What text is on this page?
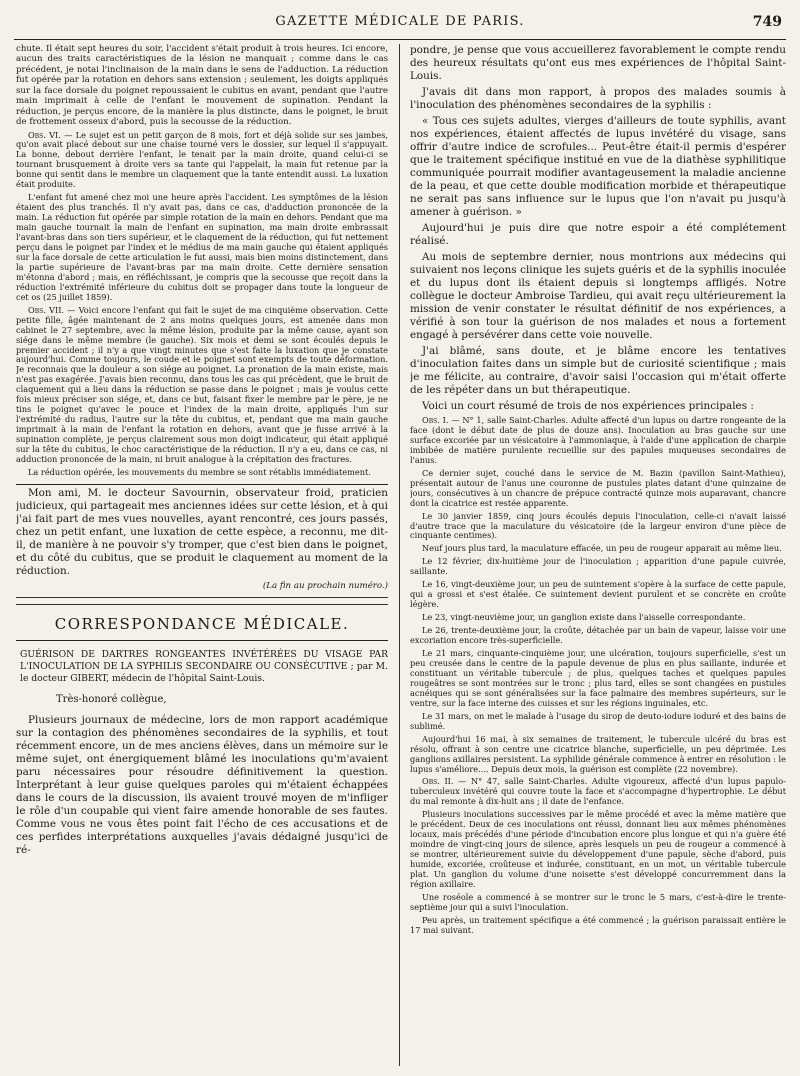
GAZETTE MÉDICALE DE PARIS.	749

chute. Il était sept heures du soir, l'accident s'était produit à trois heures. Ici encore, aucun des traits caractéristiques de la lésion ne manquait ; comme dans le cas précédent, je notai l'inclinaison de la main dans le sens de l'adduction. La réduction fut opérée par la rotation en dehors sans extension ; seulement, les doigts appliqués sur la face dorsale du poignet repoussaient le cubitus en avant, pendant que l'autre main imprimait à celle de l'enfant le mouvement de supination. Pendant la réduction, je perçus encore, de la manière la plus distincte, dans le poignet, le bruit de frottement osseux d'abord, puis la secousse de la réduction.

Obs. VI. — Le sujet est un petit garçon de 8 mois, fort et déjà solide sur ses jambes, qu'on avait placé debout sur une chaise tourné vers le dossier, sur lequel il s'appuyait. La bonne, debout derrière l'enfant, le tenait par la main droite, quand celui-ci se tournant brusquement à droite vers sa tante qui l'appelait, la main fut retenue par la bonne qui sentit dans le membre un claquement que la tante entendit aussi. La luxation était produite.

L'enfant fut amené chez moi une heure après l'accident. Les symptômes de la lésion étaient des plus tranchés. Il n'y avait pas, dans ce cas, d'adduction prononcée de la main. La réduction fut opérée par simple rotation de la main en dehors. Pendant que ma main gauche tournait la main de l'enfant en supination, ma main droite embrassait l'avant-bras dans son tiers supérieur, et le claquement de la réduction, qui fut nettement perçu dans le poignet par l'index et le médius de ma main gauche qui étaient appliqués sur la face dorsale de cette articulation le fut aussi, mais bien moins distinctement, dans la partie supérieure de l'avant-bras par ma main droite. Cette dernière sensation m'étonna d'abord ; mais, en réfléchissant, je compris que la secousse que reçoit dans la réduction l'extrémité inférieure du cubitus doit se propager dans toute la longueur de cet os (25 juillet 1859).

Obs. VII. — Voici encore l'enfant qui fait le sujet de ma cinquième observation. Cette petite fille, âgée maintenant de 2 ans moins quelques jours, est amenée dans mon cabinet le 27 septembre, avec la même lésion, produite par la même cause, ayant son siége dans le même membre (le gauche). Six mois et demi se sont écoulés depuis le premier accident ; il n'y a que vingt minutes que s'est faite la luxation que je constate aujourd'hui. Comme toujours, le coude et le poignet sont exempts de toute déformation. Je reconnais que la douleur a son siége au poignet. La pronation de la main existe, mais n'est pas exagérée. J'avais bien reconnu, dans tous les cas qui précèdent, que le bruit de claquement qui a lieu dans la réduction se passe dans le poignet ; mais je voulus cette fois mieux préciser son siége, et, dans ce but, faisant fixer le membre par le père, je ne tins le poignet qu'avec le pouce et l'index de la main droite, appliqués l'un sur l'extrémité du radius, l'autre sur la tête du cubitus, et, pendant que ma main gauche imprimait à la main de l'enfant la rotation en dehors, avant que je fusse arrivé à la supination complète, je perçus clairement sous mon doigt indicateur, qui était appliqué sur la tête du cubitus, le choc caractéristique de la réduction. Il n'y a eu, dans ce cas, ni adduction prononcée de la main, ni bruit analogue à la crépitation des fractures.

La réduction opérée, les mouvements du membre se sont rétablis immédiatement.

Mon ami, M. le docteur Savournin, observateur froid, praticien judicieux, qui partageait mes anciennes idées sur cette lésion, et à qui j'ai fait part de mes vues nouvelles, ayant rencontré, ces jours passés, chez un petit enfant, une luxation de cette espèce, a reconnu, me dit-il, de manière à ne pouvoir s'y tromper, que c'est bien dans le poignet, et du côté du cubitus, que se produit le claquement au moment de la réduction.

(La fin au prochain numéro.)

CORRESPONDANCE MÉDICALE.

GUÉRISON DE DARTRES RONGEANTES INVÉTÉRÉES DU VISAGE PAR L'INOCULATION DE LA SYPHILIS SECONDAIRE OU CONSÉCUTIVE ; par M. le docteur GIBERT, médecin de l'hôpital Saint-Louis.

Très-honoré collègue,

Plusieurs journaux de médecine, lors de mon rapport académique sur la contagion des phénomènes secondaires de la syphilis, et tout récemment encore, un de mes anciens élèves, dans un mémoire sur le même sujet, ont énergiquement blâmé les inoculations qu'm'avaient paru nécessaires pour résoudre définitivement la question. Interprétant à leur guise quelques paroles qui m'étaient échappées dans le cours de la discussion, ils avaient trouvé moyen de m'infliger le rôle d'un coupable qui vient faire amende honorable de ses fautes. Comme vous ne vous êtes point fait l'écho de ces accusations et de ces perfides interprétations auxquelles j'avais dédaigné jusqu'ici de ré-

pondre, je pense que vous accueillerez favorablement le compte rendu des heureux résultats qu'ont eus mes expériences de l'hôpital Saint-Louis.

J'avais dit dans mon rapport, à propos des malades soumis à l'inoculation des phénomènes secondaires de la syphilis :

« Tous ces sujets adultes, vierges d'ailleurs de toute syphilis, avant nos expériences, étaient affectés de lupus invétéré du visage, sans offrir d'autre indice de scrofules... Peut-être était-il permis d'espérer que le traitement spécifique institué en vue de la diathèse syphilitique communiquée pourrait modifier avantageusement la maladie ancienne de la peau, et que cette double modification morbide et thérapeutique ne serait pas sans influence sur le lupus que l'on n'avait pu jusqu'à amener à guérison. »

Aujourd'hui je puis dire que notre espoir a été complétement réalisé.

Au mois de septembre dernier, nous montrions aux médecins qui suivaient nos leçons clinique les sujets guéris et de la syphilis inoculée et du lupus dont ils étaient depuis si longtemps affligés. Notre collègue le docteur Ambroise Tardieu, qui avait reçu ultérieurement la mission de venir constater le résultat définitif de nos expériences, a vérifié à son tour la guérison de nos malades et nous a fortement engagé à persévérer dans cette voie nouvelle.

J'ai blâmé, sans doute, et je blâme encore les tentatives d'inoculation faites dans un simple but de curiosité scientifique ; mais je me félicite, au contraire, d'avoir saisi l'occasion qui m'était offerte de les répéter dans un but thérapeutique.

Voici un court résumé de trois de nos expériences principales :

Obs. I. — N° 1, salle Saint-Charles. Adulte affecté d'un lupus ou dartre rongeante de la face (dont le début date de plus de douze ans). Inoculation au bras gauche sur une surface excoriée par un vésicatoire à l'ammoniaque, à l'aide d'une application de charpie imbibée de matière purulente recueillie sur des papules muqueuses secondaires de l'anus.

Ce dernier sujet, couché dans le service de M. Bazin (pavillon Saint-Mathieu), présentait autour de l'anus une couronne de pustules plates datant d'une quinzaine de jours, consécutives à un chancre de prépuce contracté quinze mois auparavant, chancre dont la cicatrice est restée apparente.

Le 30 janvier 1859, cinq jours écoulés depuis l'inoculation, celle-ci n'avait laissé d'autre trace que la maculature du vésicatoire (de la largeur environ d'une pièce de cinquante centimes).

Neuf jours plus tard, la maculature effacée, un peu de rougeur apparait au même lieu.

Le 12 février, dix-huitième jour de l'inoculation ; apparition d'une papule cuivrée, saillante.

Le 16, vingt-deuxième jour, un peu de suintement s'opère à la surface de cette papule, qui a grossi et s'est étalée. Ce suintement devient purulent et se concrète en croûte légère.

Le 23, vingt-neuvième jour, un ganglion existe dans l'aisselle correspondante.

Le 26, trente-deuxième jour, la croûte, détachée par un bain de vapeur, laisse voir une excoriation encore très-superficielle.

Le 21 mars, cinquante-cinquième jour, une ulcération, toujours superficielle, s'est un peu creusée dans le centre de la papule devenue de plus en plus saillante, indurée et constituant un véritable tubercule ; de plus, quelques taches et quelques papules rougeâtres se sont montrées sur le tronc ; plus tard, elles se sont changées en pustules acnéiques qui se sont généralisées sur la face palmaire des membres supérieurs, sur le ventre, sur la face interne des cuisses et sur les régions inguinales, etc.

Le 31 mars, on met le malade à l'usage du sirop de deuto-iodure ioduré et des bains de sublimé.

Aujourd'hui 16 mai, à six semaines de traitement, le tubercule ulcéré du bras est résolu, offrant à son centre une cicatrice blanche, superficielle, un peu déprimée. Les ganglions axillaires persistent. La syphilide générale commence à entrer en résolution : le lupus s'améliore.... Depuis deux mois, la guérison est complète (22 novembre).

Obs. II. — N° 47, salle Saint-Charles. Adulte vigoureux, affecté d'un lupus papulo-tuberculeux invétéré qui couvre toute la face et s'accompagne d'hypertrophie. Le début du mal remonte à dix-huit ans ; il date de l'enfance.

Plusieurs inoculations successives par le même procédé et avec la même matière que le précédent. Deux de ces inoculations ont réussi, donnant lieu aux mêmes phénomènes locaux, mais précédés d'une période d'incubation encore plus longue et qui n'a guère été moindre de vingt-cinq jours de silence, après lesquels un peu de rougeur a commencé à se montrer, ultérieurement suivie du développement d'une papule, sèche d'abord, puis humide, excoriée, croûteuse et indurée, constituant, en un mot, un véritable tubercule plat. Un ganglion du volume d'une noisette s'est développé concurremment dans la région axillaire.

Une roséole a commencé à se montrer sur le tronc le 5 mars, c'est-à-dire le trente-septième jour qui a suivi l'inoculation.

Peu après, un traitement spécifique a été commencé ; la guérison paraissait entière le 17 mai suivant.
